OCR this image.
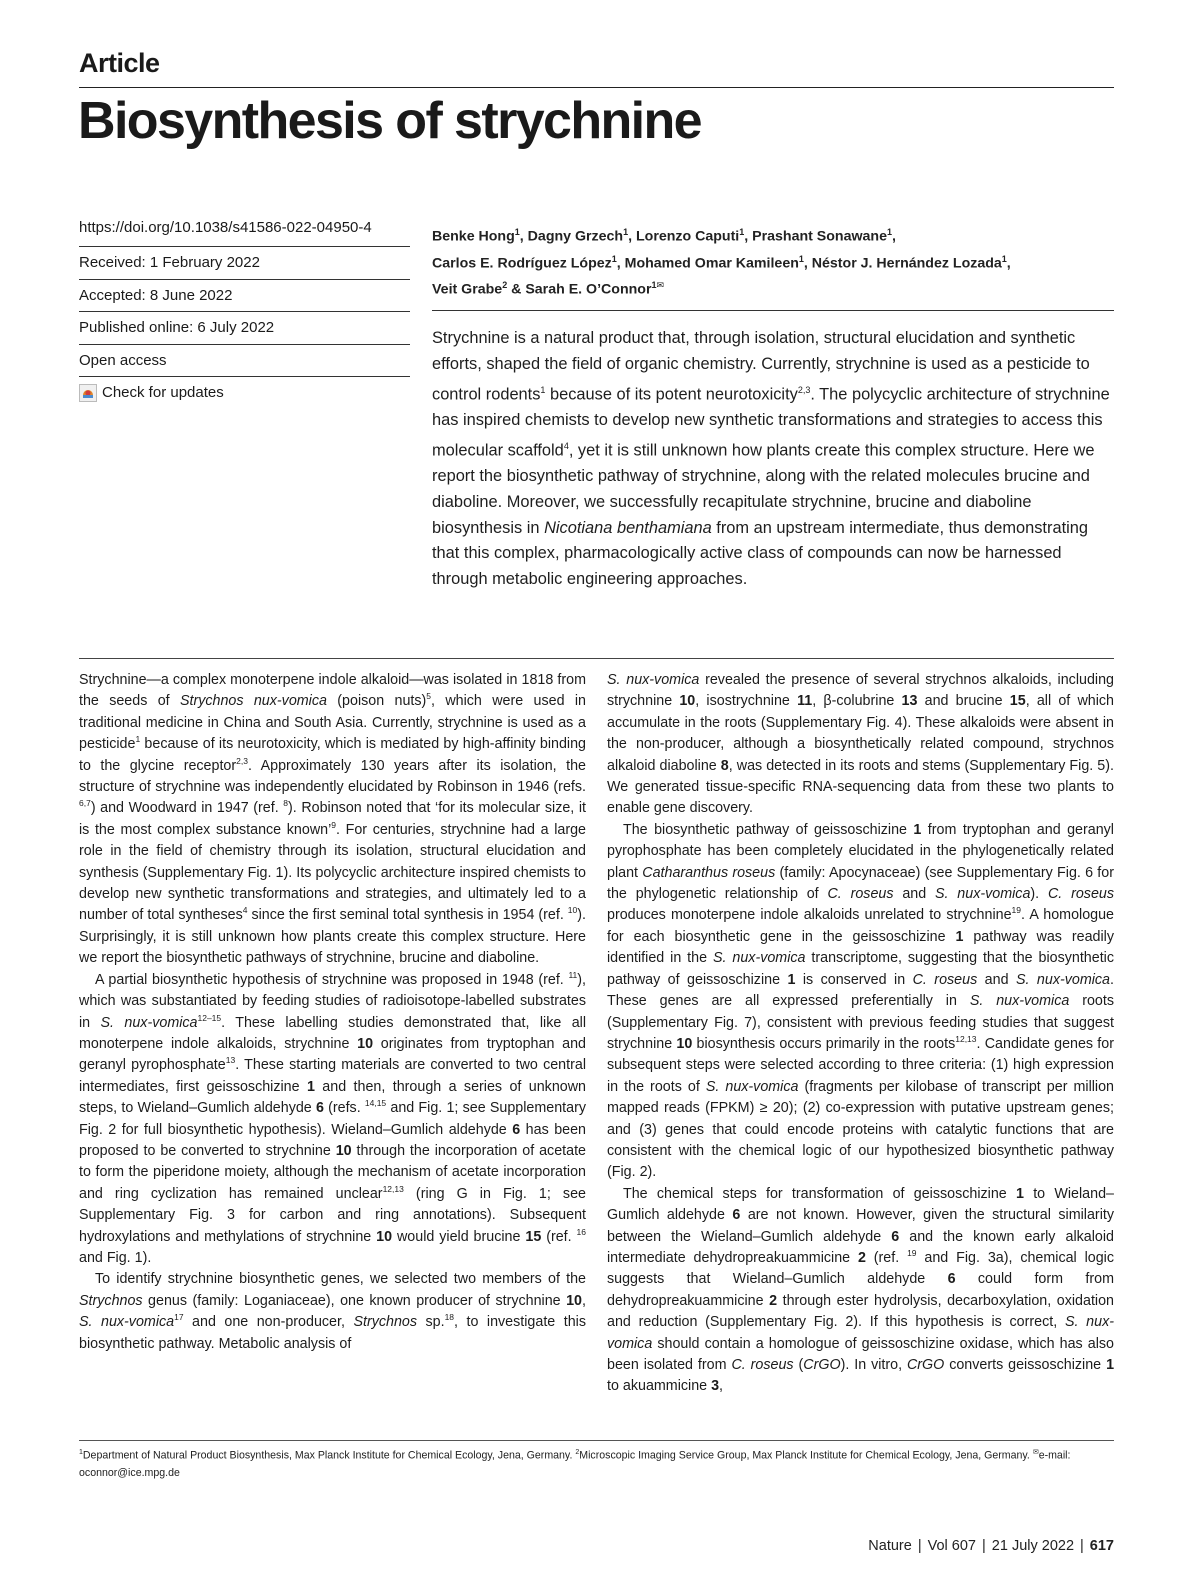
Article
Biosynthesis of strychnine
https://doi.org/10.1038/s41586-022-04950-4
Received: 1 February 2022
Accepted: 8 June 2022
Published online: 6 July 2022
Open access
Check for updates
Benke Hong$^1$, Dagny Grzech$^1$, Lorenzo Caputi$^1$, Prashant Sonawane$^1$,
Carlos E. Rodríguez López$^1$, Mohamed Omar Kamileen$^1$, Néstor J. Hernández Lozada$^1$,
Veit Grabe$^2$ & Sarah E. O’Connor$^{1✉}$
Strychnine is a natural product that, through isolation, structural elucidation and synthetic efforts, shaped the field of organic chemistry. Currently, strychnine is used as a pesticide to control rodents$^1$ because of its potent neurotoxicity$^{2,3}$. The polycyclic architecture of strychnine has inspired chemists to develop new synthetic transformations and strategies to access this molecular scaffold$^4$, yet it is still unknown how plants create this complex structure. Here we report the biosynthetic pathway of strychnine, along with the related molecules brucine and diaboline. Moreover, we successfully recapitulate strychnine, brucine and diaboline biosynthesis in Nicotiana benthamiana from an upstream intermediate, thus demonstrating that this complex, pharmacologically active class of compounds can now be harnessed through metabolic engineering approaches.

Strychnine—a complex monoterpene indole alkaloid—was isolated in 1818 from the seeds of Strychnos nux-vomica (poison nuts)$^5$, which were used in traditional medicine in China and South Asia. Currently, strychnine is used as a pesticide$^1$ because of its neurotoxicity, which is mediated by high-affinity binding to the glycine receptor$^{2,3}$. Approximately 130 years after its isolation, the structure of strychnine was independently elucidated by Robinson in 1946 (refs. $^{6,7}$) and Woodward in 1947 (ref. $^8$). Robinson noted that ‘for its molecular size, it is the most complex substance known’$^9$. For centuries, strychnine had a large role in the field of chemistry through its isolation, structural elucidation and synthesis (Supplementary Fig. 1). Its polycyclic architecture inspired chemists to develop new synthetic transformations and strategies, and ultimately led to a number of total syntheses$^4$ since the first seminal total synthesis in 1954 (ref. $^{10}$). Surprisingly, it is still unknown how plants create this complex structure. Here we report the biosynthetic pathways of strychnine, brucine and diaboline.

A partial biosynthetic hypothesis of strychnine was proposed in 1948 (ref. $^{11}$), which was substantiated by feeding studies of radioisotope-labelled substrates in S. nux-vomica$^{12-15}$. These labelling studies demonstrated that, like all monoterpene indole alkaloids, strychnine 10 originates from tryptophan and geranyl pyrophosphate$^{13}$. These starting materials are converted to two central intermediates, first geissoschizine 1 and then, through a series of unknown steps, to Wieland–Gumlich aldehyde 6 (refs. $^{14,15}$ and Fig. 1; see Supplementary Fig. 2 for full biosynthetic hypothesis). Wieland–Gumlich aldehyde 6 has been proposed to be converted to strychnine 10 through the incorporation of acetate to form the piperidone moiety, although the mechanism of acetate incorporation and ring cyclization has remained unclear$^{12,13}$ (ring G in Fig. 1; see Supplementary Fig. 3 for carbon and ring annotations). Subsequent hydroxylations and methylations of strychnine 10 would yield brucine 15 (ref. $^{16}$ and Fig. 1).

To identify strychnine biosynthetic genes, we selected two members of the Strychnos genus (family: Loganiaceae), one known producer of strychnine 10, S. nux-vomica$^{17}$ and one non-producer, Strychnos sp.$^{18}$, to investigate this biosynthetic pathway. Metabolic analysis of

S. nux-vomica revealed the presence of several strychnos alkaloids, including strychnine 10, isostrychnine 11, β-colubrine 13 and brucine 15, all of which accumulate in the roots (Supplementary Fig. 4). These alkaloids were absent in the non-producer, although a biosynthetically related compound, strychnos alkaloid diaboline 8, was detected in its roots and stems (Supplementary Fig. 5). We generated tissue-specific RNA-sequencing data from these two plants to enable gene discovery.

The biosynthetic pathway of geissoschizine 1 from tryptophan and geranyl pyrophosphate has been completely elucidated in the phylogenetically related plant Catharanthus roseus (family: Apocynaceae) (see Supplementary Fig. 6 for the phylogenetic relationship of C. roseus and S. nux-vomica). C. roseus produces monoterpene indole alkaloids unrelated to strychnine$^{19}$. A homologue for each biosynthetic gene in the geissoschizine 1 pathway was readily identified in the S. nux-vomica transcriptome, suggesting that the biosynthetic pathway of geissoschizine 1 is conserved in C. roseus and S. nux-vomica. These genes are all expressed preferentially in S. nux-vomica roots (Supplementary Fig. 7), consistent with previous feeding studies that suggest strychnine 10 biosynthesis occurs primarily in the roots$^{12,13}$. Candidate genes for subsequent steps were selected according to three criteria: (1) high expression in the roots of S. nux-vomica (fragments per kilobase of transcript per million mapped reads (FPKM) ≥ 20); (2) co-expression with putative upstream genes; and (3) genes that could encode proteins with catalytic functions that are consistent with the chemical logic of our hypothesized biosynthetic pathway (Fig. 2).

The chemical steps for transformation of geissoschizine 1 to Wieland–Gumlich aldehyde 6 are not known. However, given the structural similarity between the Wieland–Gumlich aldehyde 6 and the known early alkaloid intermediate dehydropreakuammicine 2 (ref. $^{19}$ and Fig. 3a), chemical logic suggests that Wieland–Gumlich aldehyde 6 could form from dehydropreakuammicine 2 through ester hydrolysis, decarboxylation, oxidation and reduction (Supplementary Fig. 2). If this hypothesis is correct, S. nux-vomica should contain a homologue of geissoschizine oxidase, which has also been isolated from C. roseus (CrGO). In vitro, CrGO converts geissoschizine 1 to akuammicine 3,

$^1$Department of Natural Product Biosynthesis, Max Planck Institute for Chemical Ecology, Jena, Germany. $^2$Microscopic Imaging Service Group, Max Planck Institute for Chemical Ecology, Jena, Germany. ✉e-mail: oconnor@ice.mpg.de
Nature | Vol 607 | 21 July 2022 | 617
